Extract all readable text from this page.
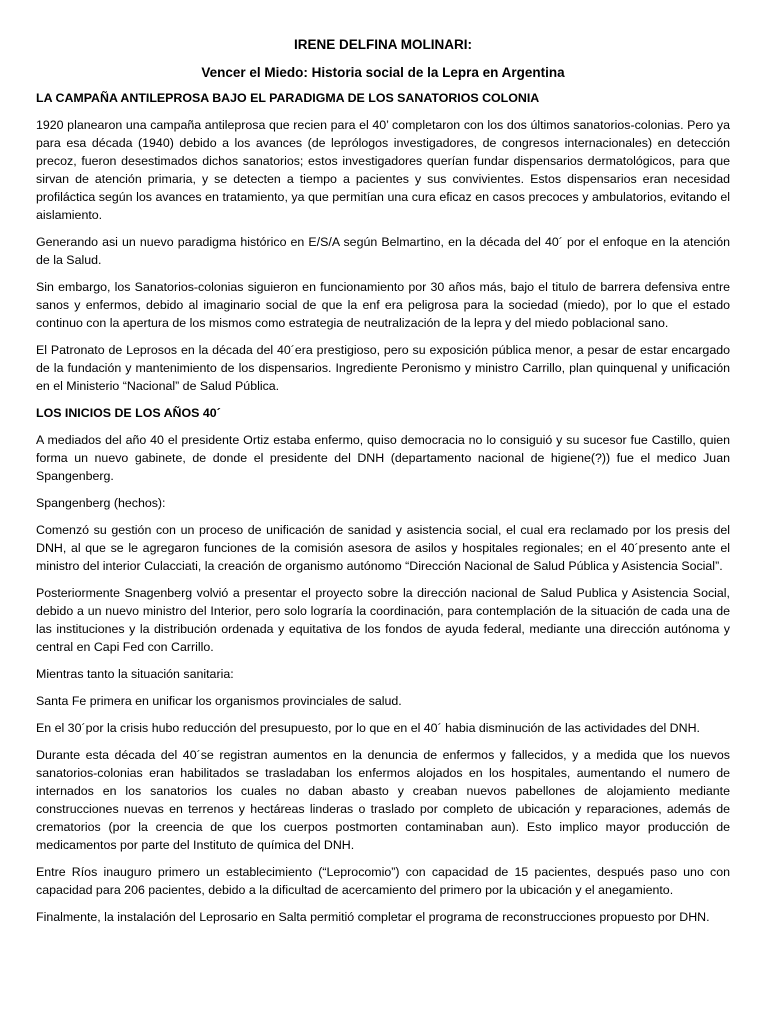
IRENE DELFINA MOLINARI:
Vencer el Miedo: Historia social de la Lepra en Argentina
LA CAMPAÑA ANTILEPROSA BAJO EL PARADIGMA DE LOS SANATORIOS COLONIA
1920 planearon una campaña antileprosa que recien para el 40’ completaron con los dos últimos sanatorios-colonias. Pero ya para esa década (1940) debido a los avances (de leprólogos investigadores, de congresos internacionales) en detección precoz, fueron desestimados dichos sanatorios; estos investigadores querían fundar dispensarios dermatológicos, para que sirvan de atención primaria, y se detecten a tiempo a pacientes y sus convivientes. Estos dispensarios eran necesidad profiláctica según los avances en tratamiento, ya que permitían una cura eficaz en casos precoces y ambulatorios, evitando el aislamiento.
Generando asi un nuevo paradigma histórico en E/S/A según Belmartino, en la década del 40´ por el enfoque en la atención de la Salud.
Sin embargo, los Sanatorios-colonias siguieron en funcionamiento por 30 años más, bajo el titulo de barrera defensiva entre sanos y enfermos, debido al imaginario social de que la enf era peligrosa para la sociedad (miedo), por lo que el estado continuo con la apertura de los mismos como estrategia de neutralización de la lepra y del miedo poblacional sano.
El Patronato de Leprosos en la década del 40´era prestigioso, pero su exposición pública menor, a pesar de estar encargado de la fundación y mantenimiento de los dispensarios. Ingrediente Peronismo y ministro Carrillo, plan quinquenal y unificación en el Ministerio “Nacional” de Salud Pública.
LOS INICIOS DE LOS AÑOS 40´
A mediados del año 40 el presidente Ortiz estaba enfermo, quiso democracia no lo consiguió y su sucesor fue Castillo, quien forma un nuevo gabinete, de donde el presidente del DNH (departamento nacional de higiene(?)) fue el medico Juan Spangenberg.
Spangenberg (hechos):
Comenzó su gestión con un proceso de unificación de sanidad y asistencia social, el cual era reclamado por los presis del DNH, al que se le agregaron funciones de la comisión asesora de asilos y hospitales regionales; en el 40´presento ante el ministro del interior Culacciati, la creación de organismo autónomo “Dirección Nacional de Salud Pública y Asistencia Social”.
Posteriormente Snagenberg volvió a presentar el proyecto sobre la dirección nacional de Salud Publica y Asistencia Social, debido a un nuevo ministro del Interior, pero solo lograría la coordinación, para contemplación de la situación de cada una de las instituciones y la distribución ordenada y equitativa de los fondos de ayuda federal, mediante una dirección autónoma y central en Capi Fed con Carrillo.
Mientras tanto la situación sanitaria:
Santa Fe primera en unificar los organismos provinciales de salud.
En el 30´por la crisis hubo reducción del presupuesto, por lo que en el 40´ habia disminución de las actividades del DNH.
Durante esta década del 40´se registran aumentos en la denuncia de enfermos y fallecidos, y a medida que los nuevos sanatorios-colonias eran habilitados se trasladaban los enfermos alojados en los hospitales, aumentando el numero de internados en los sanatorios los cuales no daban abasto y creaban nuevos pabellones de alojamiento mediante construcciones nuevas en terrenos y hectáreas linderas o traslado por completo de ubicación y reparaciones, además de crematorios (por la creencia de que los cuerpos postmorten contaminaban aun). Esto implico mayor producción de medicamentos por parte del Instituto de química del DNH.
Entre Ríos inauguro primero un establecimiento (“Leprocomio”) con capacidad de 15 pacientes, después paso uno con capacidad para 206 pacientes, debido a la dificultad de acercamiento del primero por la ubicación y el anegamiento.
Finalmente, la instalación del Leprosario en Salta permitió completar el programa de reconstrucciones propuesto por DHN.
